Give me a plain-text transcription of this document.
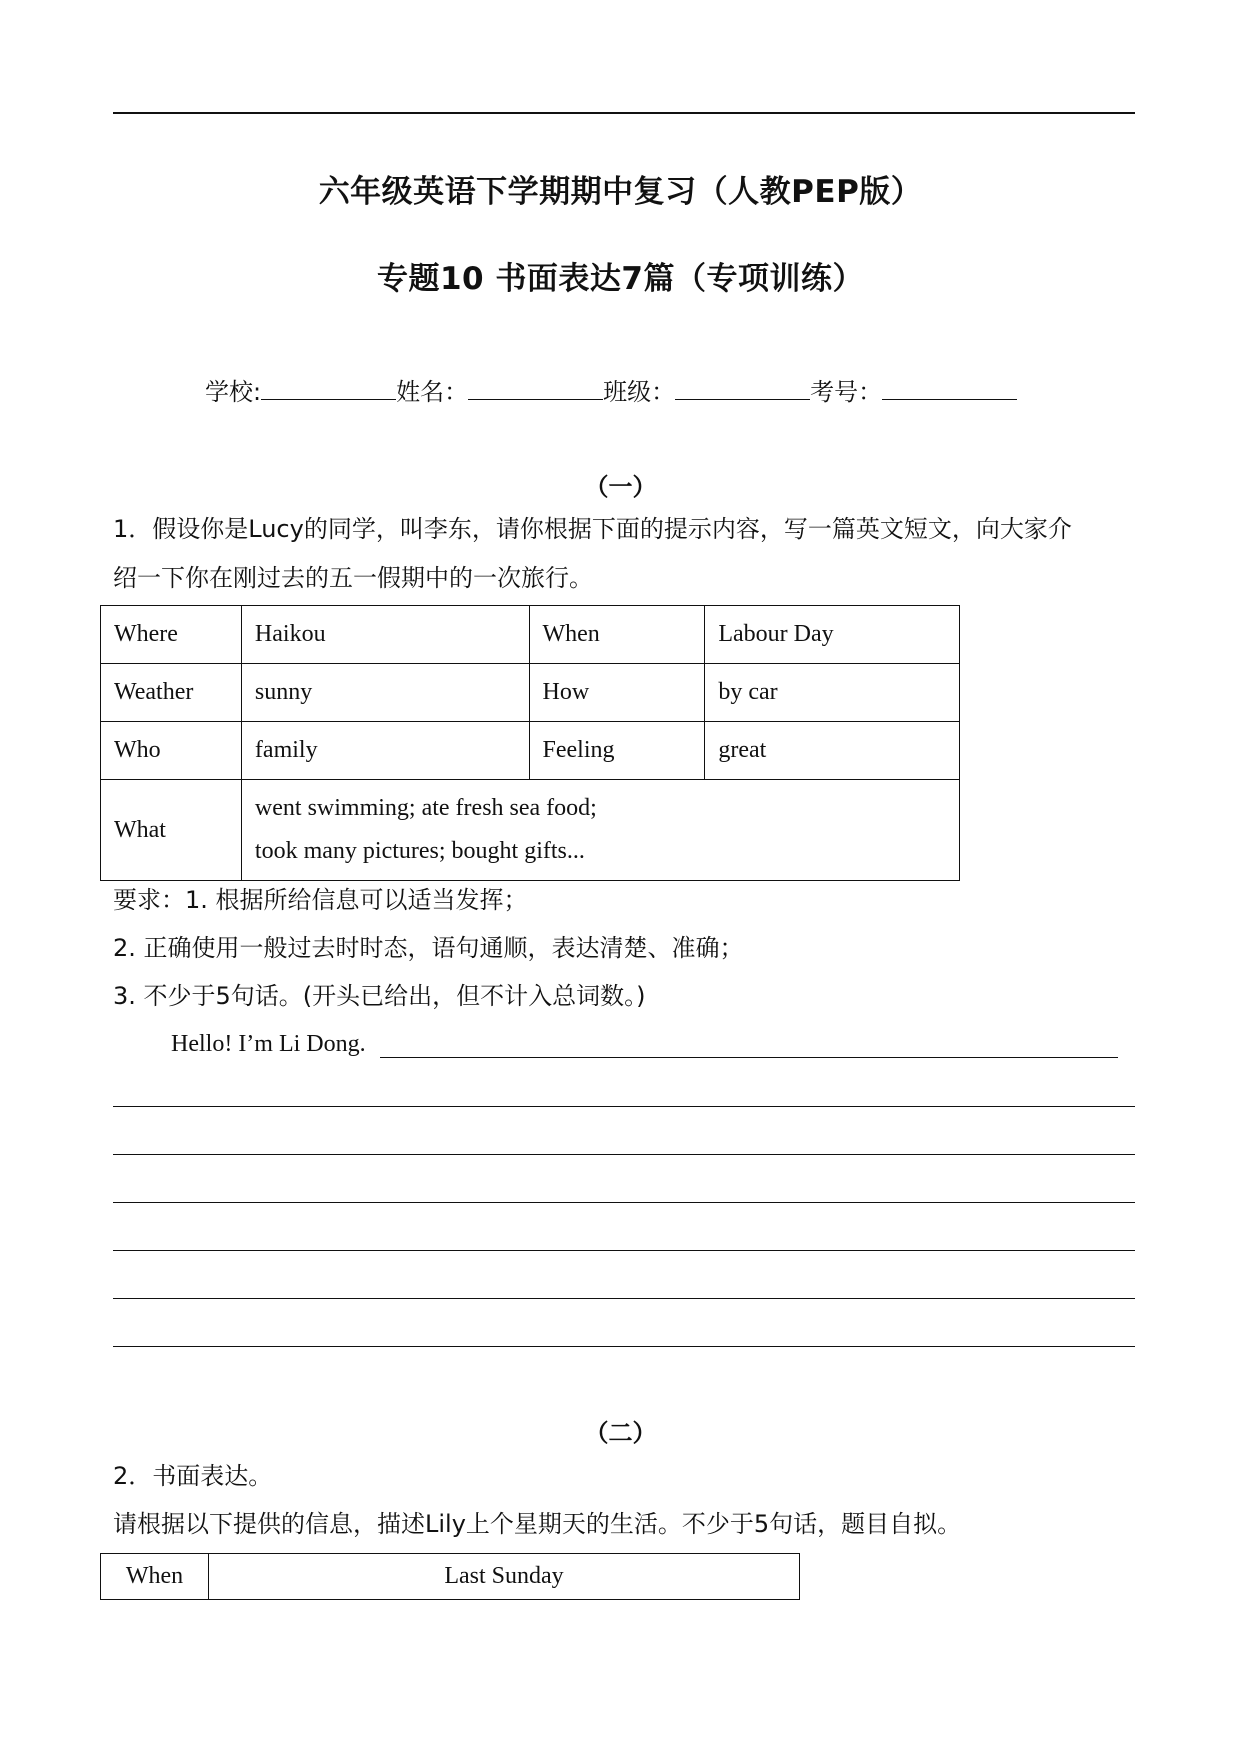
六年级英语下学期期中复习（人教PEP版）
专题10 书面表达7篇（专项训练）
学校:	姓名：	班级：	考号：
（一）
1．假设你是Lucy的同学，叫李东，请你根据下面的提示内容，写一篇英文短文，向大家介
绍一下你在刚过去的五一假期中的一次旅行。
Where	Haikou	When	Labour Day
Weather	sunny	How	by car
Who	family	Feeling	great
What	went swimming; ate fresh sea food;
took many pictures; bought gifts...		
要求：1. 根据所给信息可以适当发挥；
2. 正确使用一般过去时时态，语句通顺，表达清楚、准确；
3. 不少于5句话。(开头已给出，但不计入总词数。)
Hello! I’m Li Dong.
（二）
2．书面表达。
请根据以下提供的信息，描述Lily上个星期天的生活。不少于5句话，题目自拟。
When	Last Sunday
